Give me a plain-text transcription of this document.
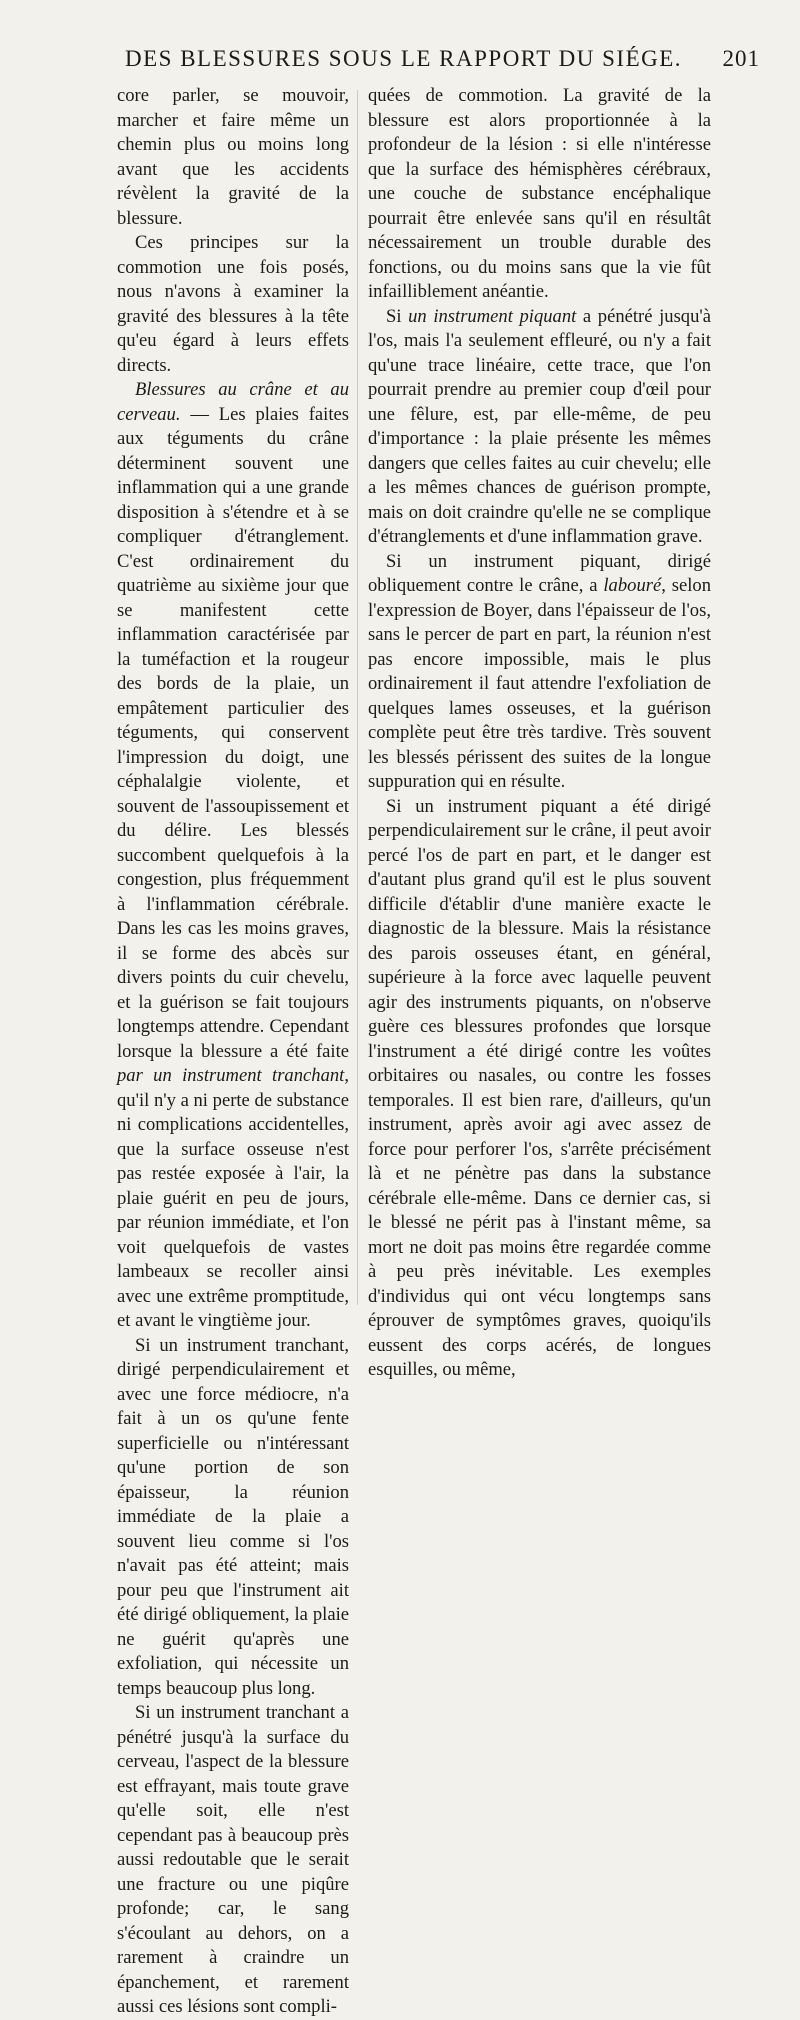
DES BLESSURES SOUS LE RAPPORT DU SIÉGE. 201

core parler, se mouvoir, marcher et faire même un chemin plus ou moins long avant que les accidents révèlent la gravité de la blessure.

Ces principes sur la commotion une fois posés, nous n'avons à examiner la gravité des blessures à la tête qu'eu égard à leurs effets directs.

Blessures au crâne et au cerveau. — Les plaies faites aux téguments du crâne déterminent souvent une inflammation qui a une grande disposition à s'étendre et à se compliquer d'étranglement. C'est ordinairement du quatrième au sixième jour que se manifestent cette inflammation caractérisée par la tuméfaction et la rougeur des bords de la plaie, un empâtement particulier des téguments, qui conservent l'impression du doigt, une céphalalgie violente, et souvent de l'assoupissement et du délire. Les blessés succombent quelquefois à la congestion, plus fréquemment à l'inflammation cérébrale. Dans les cas les moins graves, il se forme des abcès sur divers points du cuir chevelu, et la guérison se fait toujours longtemps attendre. Cependant lorsque la blessure a été faite par un instrument tranchant, qu'il n'y a ni perte de substance ni complications accidentelles, que la surface osseuse n'est pas restée exposée à l'air, la plaie guérit en peu de jours, par réunion immédiate, et l'on voit quelquefois de vastes lambeaux se recoller ainsi avec une extrême promptitude, et avant le vingtième jour.

Si un instrument tranchant, dirigé perpendiculairement et avec une force médiocre, n'a fait à un os qu'une fente superficielle ou n'intéressant qu'une portion de son épaisseur, la réunion immédiate de la plaie a souvent lieu comme si l'os n'avait pas été atteint; mais pour peu que l'instrument ait été dirigé obliquement, la plaie ne guérit qu'après une exfoliation, qui nécessite un temps beaucoup plus long.

Si un instrument tranchant a pénétré jusqu'à la surface du cerveau, l'aspect de la blessure est effrayant, mais toute grave qu'elle soit, elle n'est cependant pas à beaucoup près aussi redoutable que le serait une fracture ou une piqûre profonde; car, le sang s'écoulant au dehors, on a rarement à craindre un épanchement, et rarement aussi ces lésions sont compli-

quées de commotion. La gravité de la blessure est alors proportionnée à la profondeur de la lésion : si elle n'intéresse que la surface des hémisphères cérébraux, une couche de substance encéphalique pourrait être enlevée sans qu'il en résultât nécessairement un trouble durable des fonctions, ou du moins sans que la vie fût infailliblement anéantie.

Si un instrument piquant a pénétré jusqu'à l'os, mais l'a seulement effleuré, ou n'y a fait qu'une trace linéaire, cette trace, que l'on pourrait prendre au premier coup d'œil pour une fêlure, est, par elle-même, de peu d'importance : la plaie présente les mêmes dangers que celles faites au cuir chevelu; elle a les mêmes chances de guérison prompte, mais on doit craindre qu'elle ne se complique d'étranglements et d'une inflammation grave.

Si un instrument piquant, dirigé obliquement contre le crâne, a labouré, selon l'expression de Boyer, dans l'épaisseur de l'os, sans le percer de part en part, la réunion n'est pas encore impossible, mais le plus ordinairement il faut attendre l'exfoliation de quelques lames osseuses, et la guérison complète peut être très tardive. Très souvent les blessés périssent des suites de la longue suppuration qui en résulte.

Si un instrument piquant a été dirigé perpendiculairement sur le crâne, il peut avoir percé l'os de part en part, et le danger est d'autant plus grand qu'il est le plus souvent difficile d'établir d'une manière exacte le diagnostic de la blessure. Mais la résistance des parois osseuses étant, en général, supérieure à la force avec laquelle peuvent agir des instruments piquants, on n'observe guère ces blessures profondes que lorsque l'instrument a été dirigé contre les voûtes orbitaires ou nasales, ou contre les fosses temporales. Il est bien rare, d'ailleurs, qu'un instrument, après avoir agi avec assez de force pour perforer l'os, s'arrête précisément là et ne pénètre pas dans la substance cérébrale elle-même. Dans ce dernier cas, si le blessé ne périt pas à l'instant même, sa mort ne doit pas moins être regardée comme à peu près inévitable. Les exemples d'individus qui ont vécu longtemps sans éprouver de symptômes graves, quoiqu'ils eussent des corps acérés, de longues esquilles, ou même,
